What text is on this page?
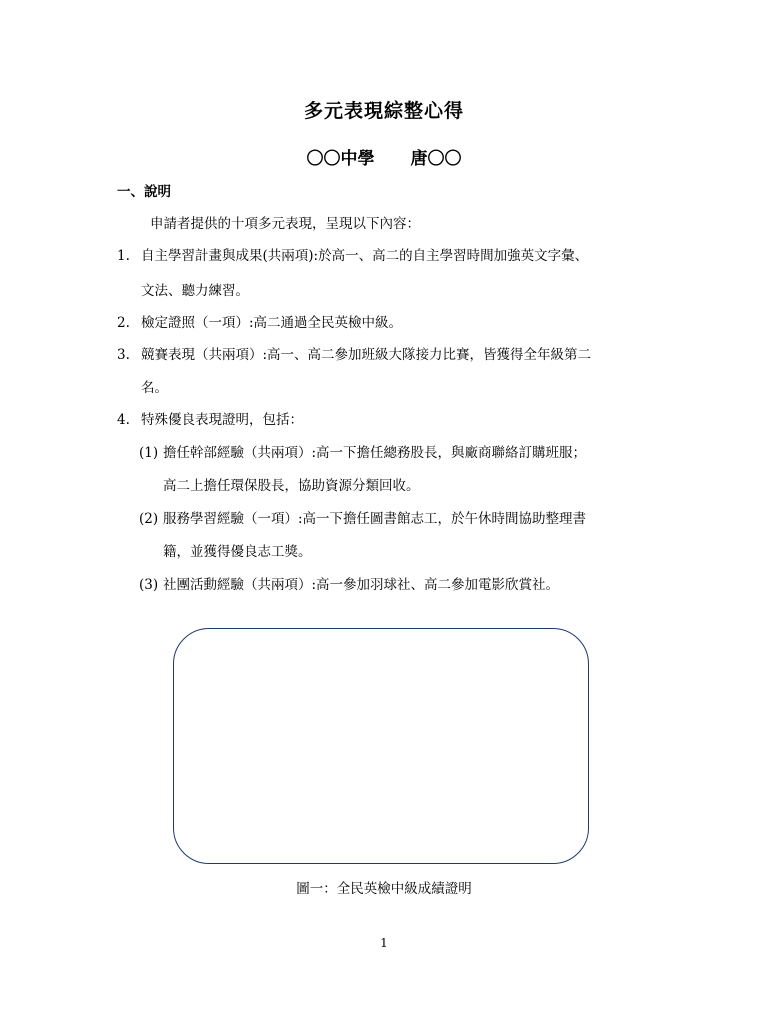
多元表現綜整心得
〇〇中學 唐〇〇
一、說明
申請者提供的十項多元表現，呈現以下內容：
1. 自主學習計畫與成果(共兩項):於高一、高二的自主學習時間加強英文字彙、
文法、聽力練習。
2. 檢定證照（一項）:高二通過全民英檢中級。
3. 競賽表現（共兩項）:高一、高二參加班級大隊接力比賽，皆獲得全年級第二
名。
4. 特殊優良表現證明，包括：
(1) 擔任幹部經驗（共兩項）:高一下擔任總務股長，與廠商聯絡訂購班服；
高二上擔任環保股長，協助資源分類回收。
(2) 服務學習經驗（一項）:高一下擔任圖書館志工，於午休時間協助整理書
籍，並獲得優良志工獎。
(3) 社團活動經驗（共兩項）:高一參加羽球社、高二參加電影欣賞社。
圖一：全民英檢中級成績證明
1
